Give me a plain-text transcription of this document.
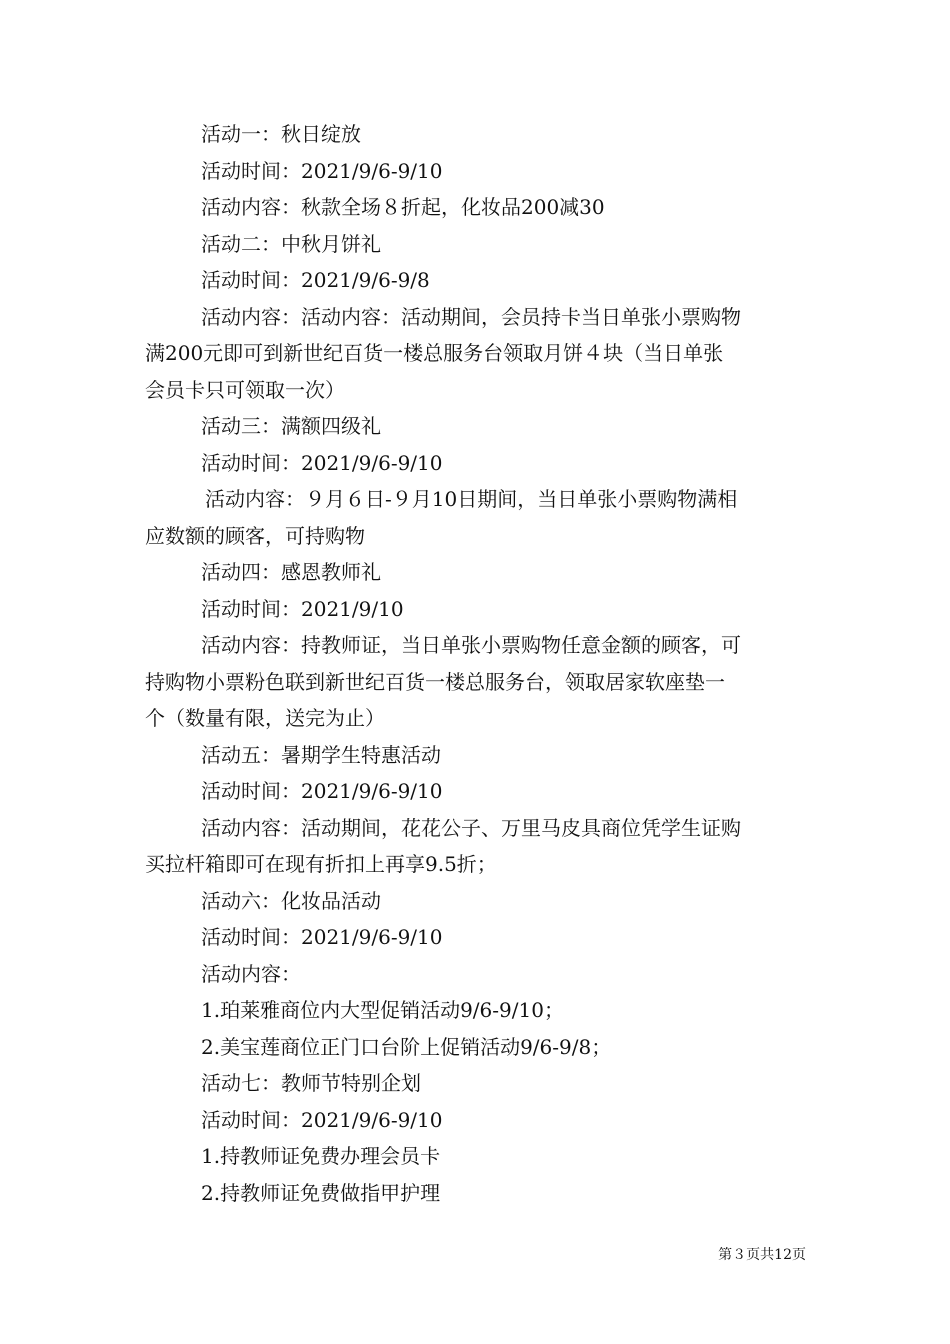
活动一：秋日绽放
活动时间：2021/9/6-9/10
活动内容：秋款全场８折起，化妆品200减30
活动二：中秋月饼礼
活动时间：2021/9/6-9/8
活动内容：活动内容：活动期间，会员持卡当日单张小票购物
满200元即可到新世纪百货一楼总服务台领取月饼４块（当日单张
会员卡只可领取一次）
活动三：满额四级礼
活动时间：2021/9/6-9/10
活动内容：９月６日-９月10日期间，当日单张小票购物满相
应数额的顾客，可持购物
活动四：感恩教师礼
活动时间：2021/9/10
活动内容：持教师证，当日单张小票购物任意金额的顾客，可
持购物小票粉色联到新世纪百货一楼总服务台，领取居家软座垫一
个（数量有限，送完为止）
活动五：暑期学生特惠活动
活动时间：2021/9/6-9/10
活动内容：活动期间，花花公子、万里马皮具商位凭学生证购
买拉杆箱即可在现有折扣上再享9.5折；
活动六：化妆品活动
活动时间：2021/9/6-9/10
活动内容：
1.珀莱雅商位内大型促销活动9/6-9/10；
2.美宝莲商位正门口台阶上促销活动9/6-9/8；
活动七：教师节特别企划
活动时间：2021/9/6-9/10
1.持教师证免费办理会员卡
2.持教师证免费做指甲护理
第３页共12页
